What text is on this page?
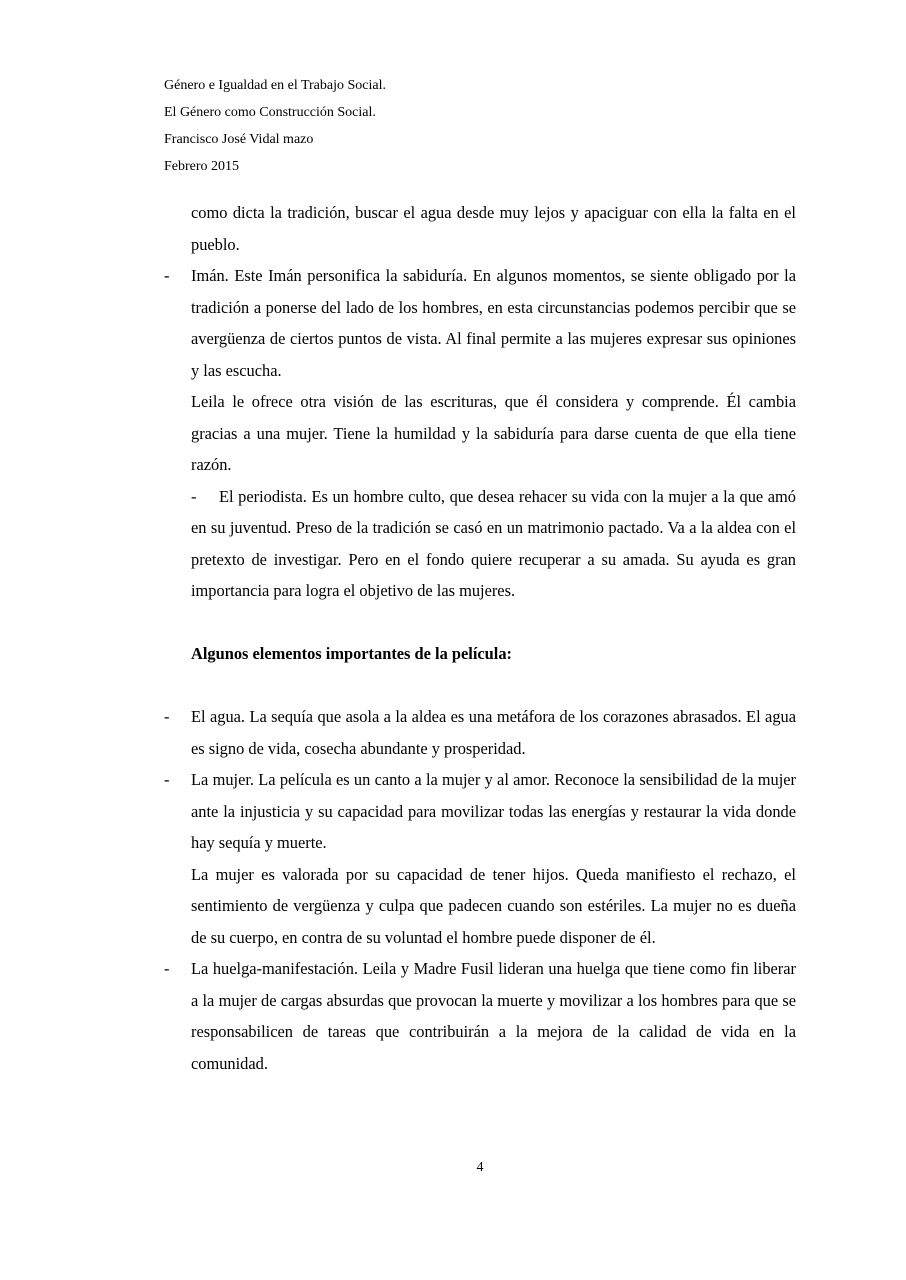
Género e Igualdad en el Trabajo Social.
El Género como Construcción Social.
Francisco José Vidal mazo
Febrero 2015

como dicta la tradición, buscar el agua desde muy lejos y apaciguar con ella la falta en el pueblo.

- Imán. Este Imán personifica la sabiduría. En algunos momentos, se siente obligado por la tradición a ponerse del lado de los hombres, en esta circunstancias podemos percibir que se avergüenza de ciertos puntos de vista. Al final permite a las mujeres expresar sus opiniones y las escucha.

Leila le ofrece otra visión de las escrituras, que él considera y comprende. Él cambia gracias a una mujer. Tiene la humildad y la sabiduría para darse cuenta de que ella tiene razón.

- El periodista. Es un hombre culto, que desea rehacer su vida con la mujer a la que amó en su juventud. Preso de la tradición se casó en un matrimonio pactado. Va a la aldea con el pretexto de investigar. Pero en el fondo quiere recuperar a su amada. Su ayuda es gran importancia para logra el objetivo de las mujeres.

Algunos elementos importantes de la película:

- El agua. La sequía que asola a la aldea es una metáfora de los corazones abrasados. El agua es signo de vida, cosecha abundante y prosperidad.
- La mujer. La película es un canto a la mujer y al amor. Reconoce la sensibilidad de la mujer ante la injusticia y su capacidad para movilizar todas las energías y restaurar la vida donde hay sequía y muerte.

La mujer es valorada por su capacidad de tener hijos. Queda manifiesto el rechazo, el sentimiento de vergüenza y culpa que padecen cuando son estériles. La mujer no es dueña de su cuerpo, en contra de su voluntad el hombre puede disponer de él.

- La huelga-manifestación. Leila y Madre Fusil lideran una huelga que tiene como fin liberar a la mujer de cargas absurdas que provocan la muerte y movilizar a los hombres para que se responsabilicen de tareas que contribuirán a la mejora de la calidad de vida en la comunidad.
4
